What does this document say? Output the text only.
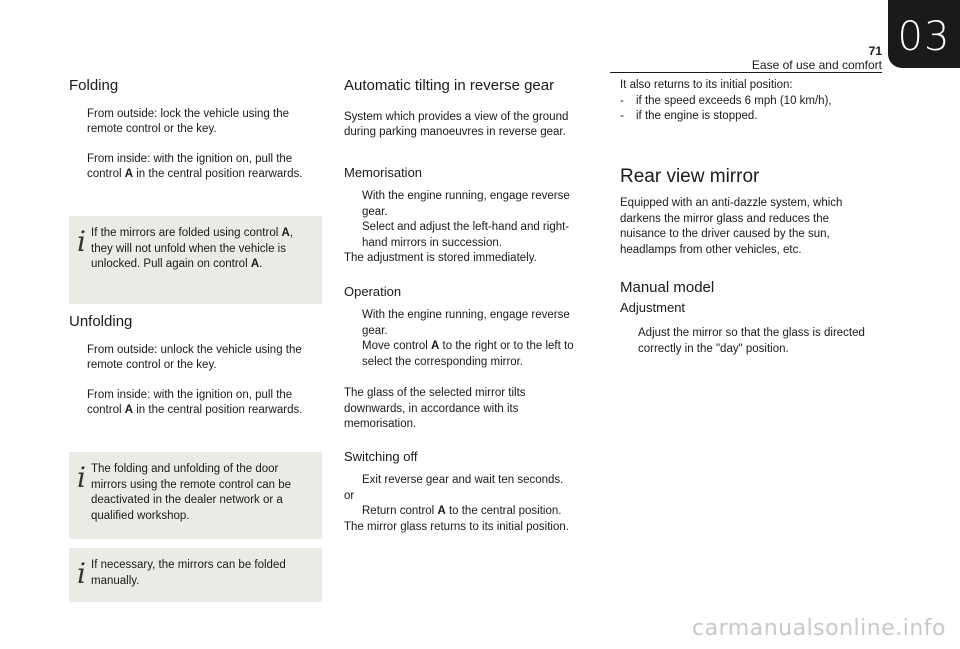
71
Ease of use and comfort
03
Folding

From outside: lock the vehicle using the remote control or the key.

From inside: with the ignition on, pull the control A in the central position rearwards.

i If the mirrors are folded using control A, they will not unfold when the vehicle is unlocked. Pull again on control A.
Unfolding

From outside: unlock the vehicle using the remote control or the key.

From inside: with the ignition on, pull the control A in the central position rearwards.

i The folding and unfolding of the door mirrors using the remote control can be deactivated in the dealer network or a qualified workshop.
i If necessary, the mirrors can be folded manually.
Automatic tilting in reverse gear

System which provides a view of the ground during parking manoeuvres in reverse gear.

Memorisation

With the engine running, engage reverse gear.

Select and adjust the left-hand and right-hand mirrors in succession.

The adjustment is stored immediately.

Operation

With the engine running, engage reverse gear.

Move control A to the right or to the left to select the corresponding mirror.

The glass of the selected mirror tilts downwards, in accordance with its memorisation.

Switching off

Exit reverse gear and wait ten seconds.

or

Return control A to the central position.

The mirror glass returns to its initial position.

It also returns to its initial position:

- if the speed exceeds 6 mph (10 km/h),

- if the engine is stopped.

Rear view mirror

Equipped with an anti-dazzle system, which darkens the mirror glass and reduces the nuisance to the driver caused by the sun, headlamps from other vehicles, etc.

Manual model
Adjustment

Adjust the mirror so that the glass is directed correctly in the "day" position.

carmanualsonline.info
